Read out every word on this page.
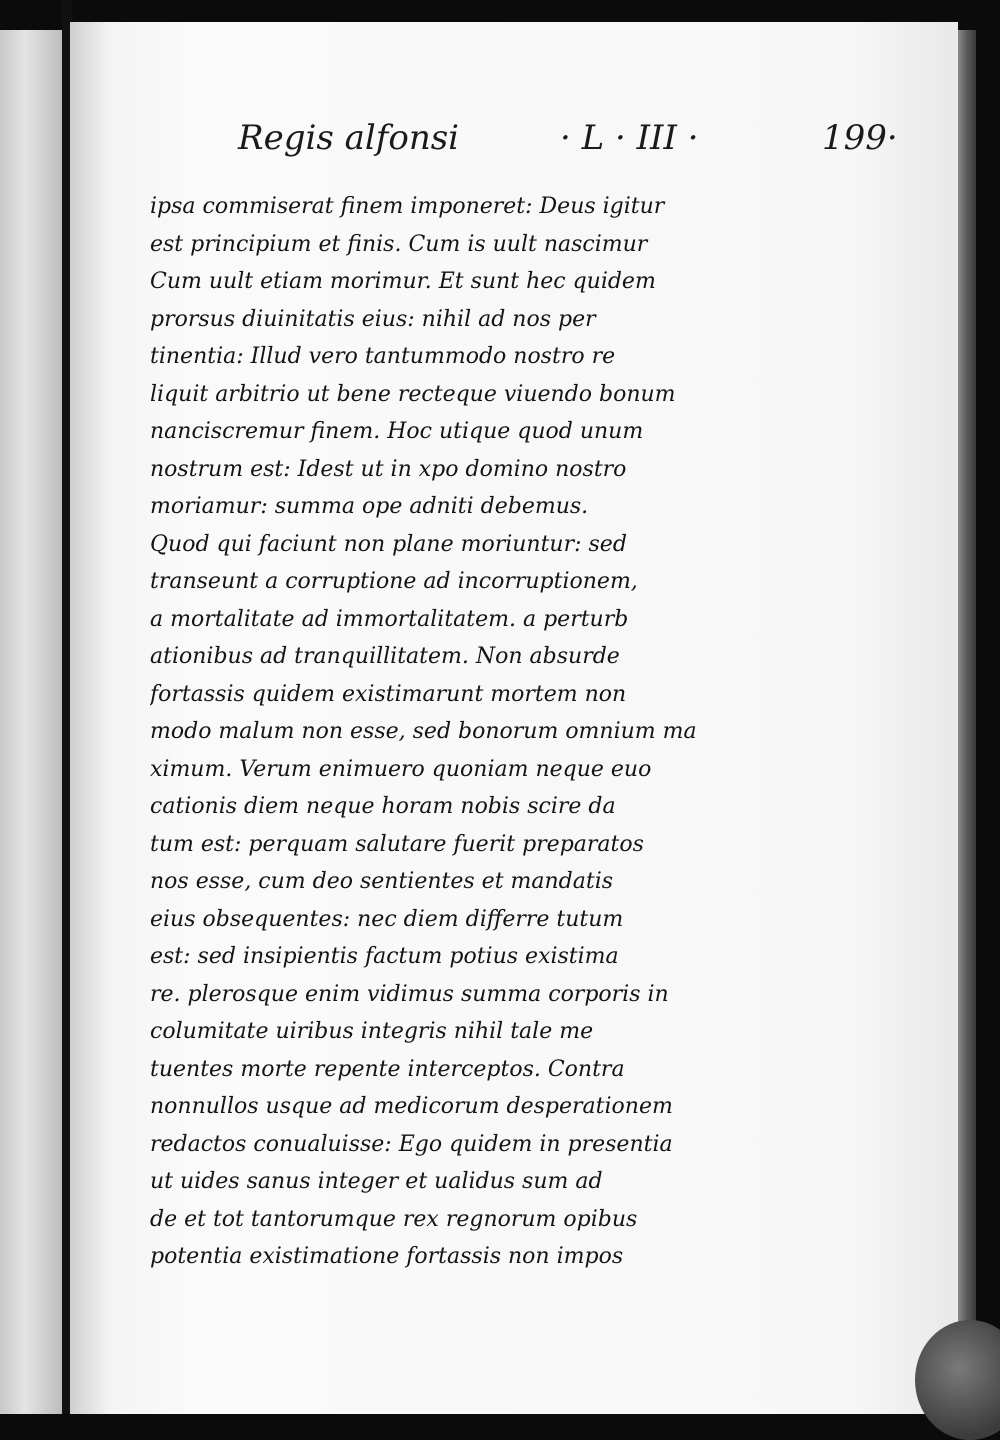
Regis alfonsi	· L · III ·	199·
ipsa commiserat finem imponeret: Deus igitur
est principium et finis. Cum is uult nascimur
Cum uult etiam morimur. Et sunt hec quidem
prorsus diuinitatis eius: nihil ad nos per
tinentia: Illud vero tantummodo nostro re
liquit arbitrio ut bene recteque viuendo bonum
nanciscremur finem. Hoc utique quod unum
nostrum est: Idest ut in xpo domino nostro
moriamur: summa ope adniti debemus.
Quod qui faciunt non plane moriuntur: sed
transeunt a corruptione ad incorruptionem,
a mortalitate ad immortalitatem. a perturb
ationibus ad tranquillitatem. Non absurde
fortassis quidem existimarunt mortem non
modo malum non esse, sed bonorum omnium ma
ximum. Verum enimuero quoniam neque euo
cationis diem neque horam nobis scire da
tum est: perquam salutare fuerit preparatos
nos esse, cum deo sentientes et mandatis
eius obsequentes: nec diem differre tutum
est: sed insipientis factum potius existima
re. plerosque enim vidimus summa corporis in
columitate uiribus integris nihil tale me
tuentes morte repente interceptos. Contra
nonnullos usque ad medicorum desperationem
redactos conualuisse: Ego quidem in presentia
ut uides sanus integer et ualidus sum ad
de et tot tantorumque rex regnorum opibus
potentia existimatione fortassis non impos
